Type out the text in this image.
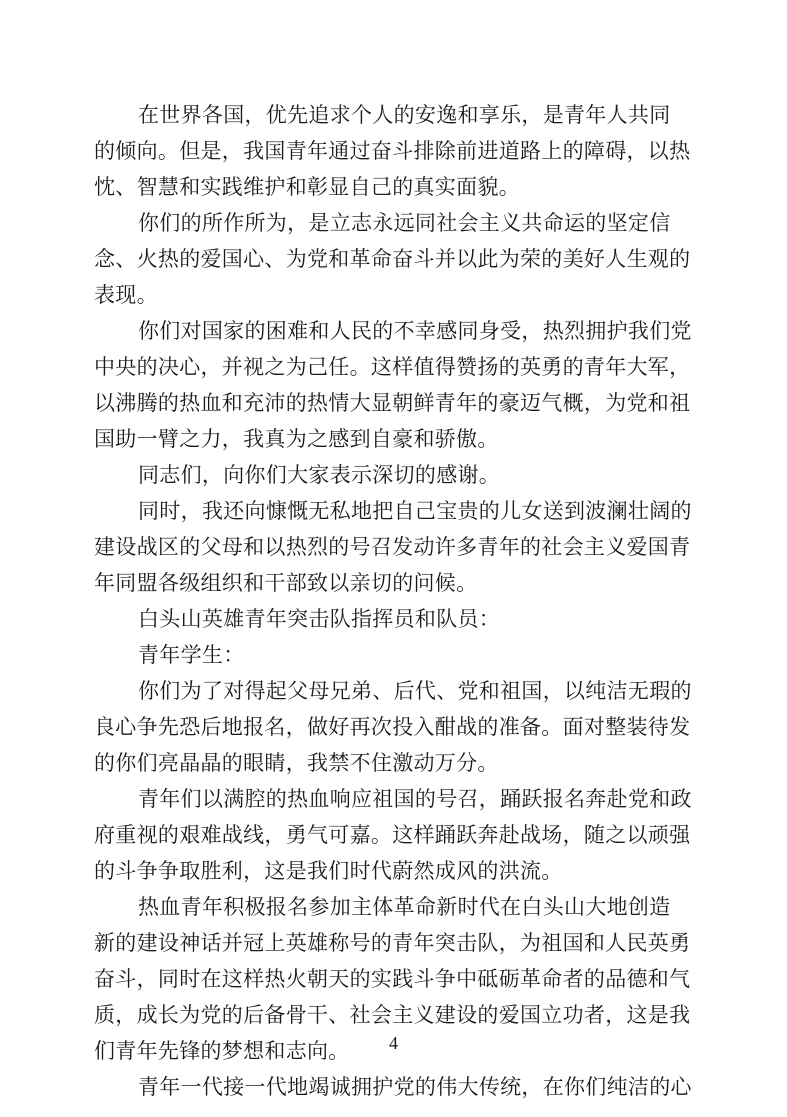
在世界各国，优先追求个人的安逸和享乐，是青年人共同
的倾向。但是，我国青年通过奋斗排除前进道路上的障碍，以热
忱、智慧和实践维护和彰显自己的真实面貌。
你们的所作所为，是立志永远同社会主义共命运的坚定信
念、火热的爱国心、为党和革命奋斗并以此为荣的美好人生观的
表现。
你们对国家的困难和人民的不幸感同身受，热烈拥护我们党
中央的决心，并视之为己任。这样值得赞扬的英勇的青年大军，
以沸腾的热血和充沛的热情大显朝鲜青年的豪迈气概，为党和祖
国助一臂之力，我真为之感到自豪和骄傲。
同志们，向你们大家表示深切的感谢。
同时，我还向慷慨无私地把自己宝贵的儿女送到波澜壮阔的
建设战区的父母和以热烈的号召发动许多青年的社会主义爱国青
年同盟各级组织和干部致以亲切的问候。
白头山英雄青年突击队指挥员和队员：
青年学生：
你们为了对得起父母兄弟、后代、党和祖国，以纯洁无瑕的
良心争先恐后地报名，做好再次投入酣战的准备。面对整装待发
的你们亮晶晶的眼睛，我禁不住激动万分。
青年们以满腔的热血响应祖国的号召，踊跃报名奔赴党和政
府重视的艰难战线，勇气可嘉。这样踊跃奔赴战场，随之以顽强
的斗争争取胜利，这是我们时代蔚然成风的洪流。
热血青年积极报名参加主体革命新时代在白头山大地创造
新的建设神话并冠上英雄称号的青年突击队，为祖国和人民英勇
奋斗，同时在这样热火朝天的实践斗争中砥砺革命者的品德和气
质，成长为党的后备骨干、社会主义建设的爱国立功者，这是我
们青年先锋的梦想和志向。
青年一代接一代地竭诚拥护党的伟大传统，在你们纯洁的心
4
